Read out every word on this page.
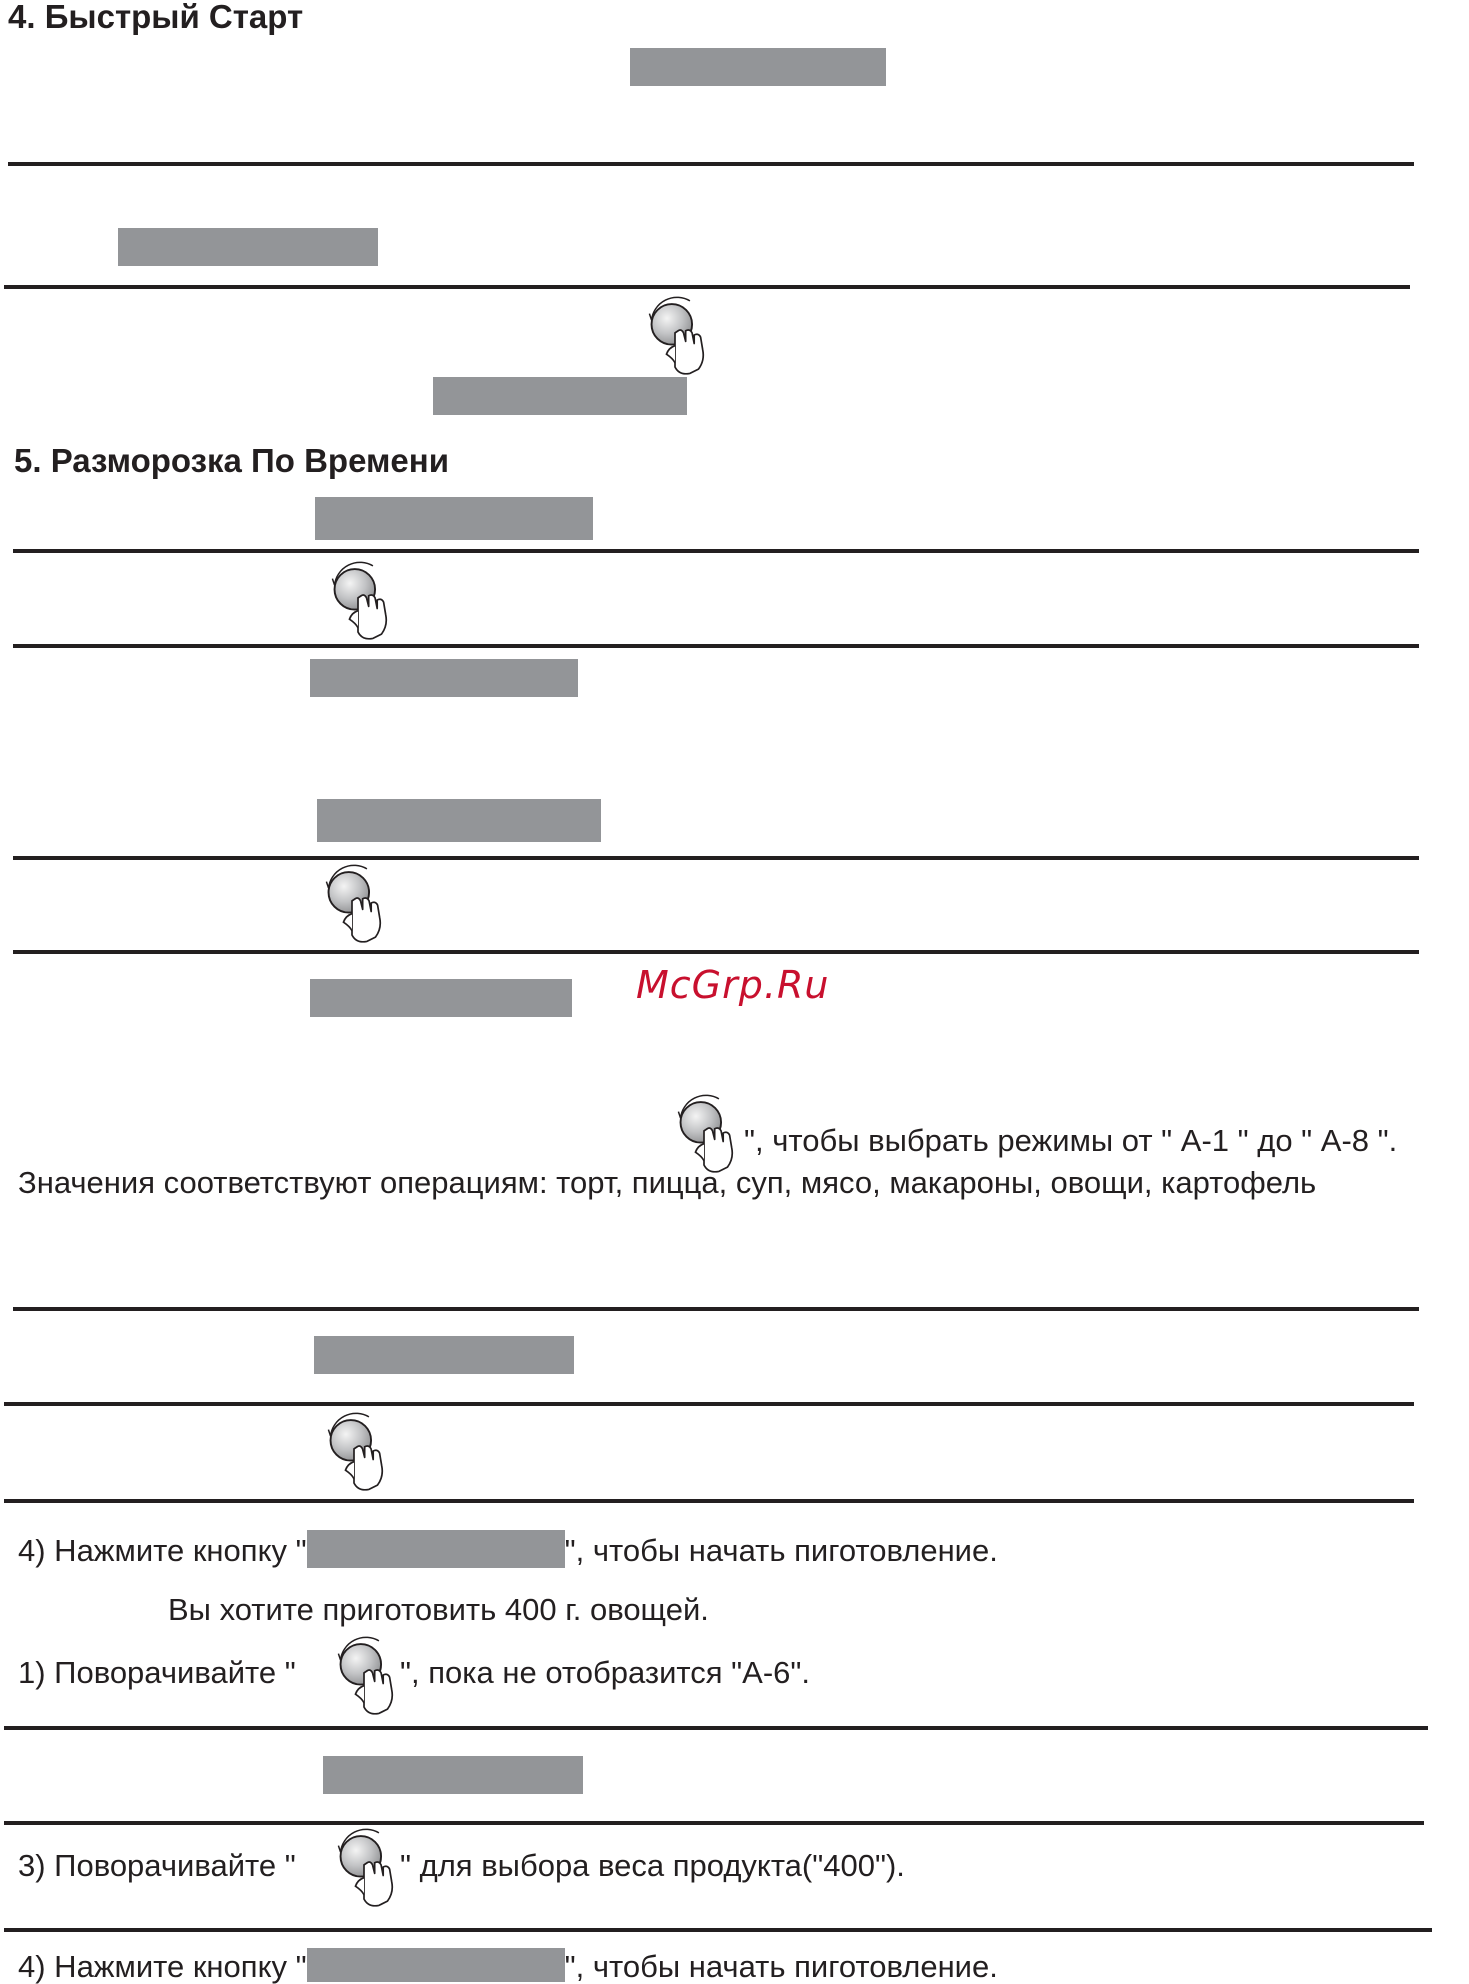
4. Быстрый Старт
5. Разморозка По Времени
McGrp.Ru
", чтобы выбрать режимы от " A-1 " до " A-8 ".
Значения соответствуют операциям: торт, пицца, суп, мясо, макароны, овощи, картофель
4) Нажмите кнопку "	", чтобы начать пиготовление.
Вы хотите приготовить 400 г. овощей.
1) Поворачивайте "	", пока не отобразится "A-6".
3) Поворачивайте "	" для выбора веса продукта("400").
4) Нажмите кнопку "	", чтобы начать пиготовление.
